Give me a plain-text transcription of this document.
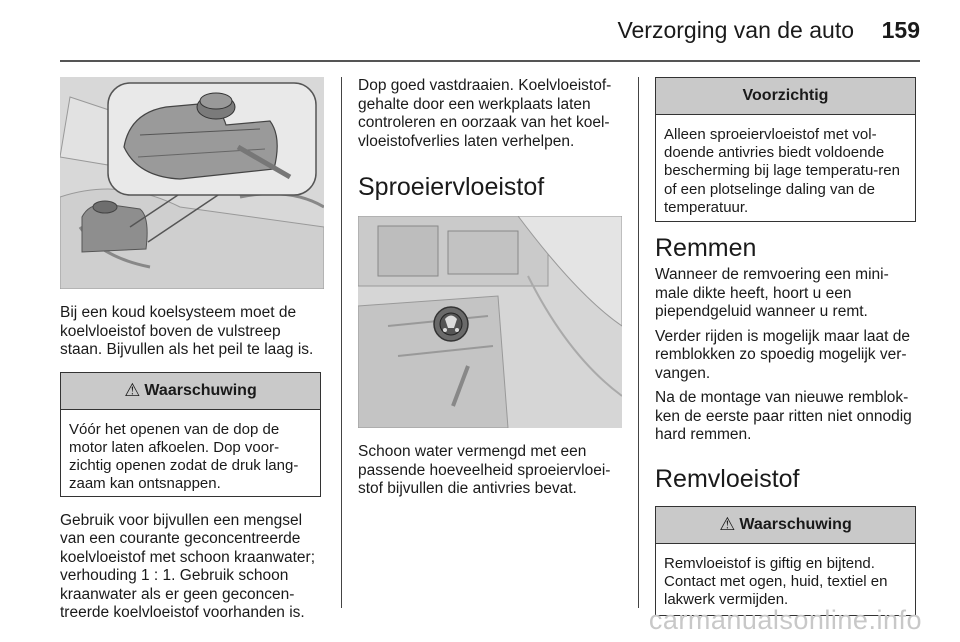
Verzorging van de auto 159

Bij een koud koelsysteem moet de koelvloeistof boven de vulstreep staan. Bijvullen als het peil te laag is.

⚠ Waarschuwing

Vóór het openen van de dop de motor laten afkoelen. Dop voor-zichtig openen zodat de druk lang-zaam kan ontsnappen.

Gebruik voor bijvullen een mengsel van een courante geconcentreerde koelvloeistof met schoon kraanwater; verhouding 1 : 1. Gebruik schoon kraanwater als er geen geconcen-treerde koelvloeistof voorhanden is.

Dop goed vastdraaien. Koelvloeistof-gehalte door een werkplaats laten controleren en oorzaak van het koel-vloeistofverlies laten verhelpen.

Sproeiervloeistof

Schoon water vermengd met een passende hoeveelheid sproeiervloei-stof bijvullen die antivries bevat.

Voorzichtig

Alleen sproeiervloeistof met vol-doende antivries biedt voldoende bescherming bij lage temperatu-ren of een plotselinge daling van de temperatuur.

Remmen

Wanneer de remvoering een mini-male dikte heeft, hoort u een piependgeluid wanneer u remt.

Verder rijden is mogelijk maar laat de remblokken zo spoedig mogelijk ver-vangen.

Na de montage van nieuwe remblok-ken de eerste paar ritten niet onnodig hard remmen.

Remvloeistof
⚠ Waarschuwing

Remvloeistof is giftig en bijtend. Contact met ogen, huid, textiel en lakwerk vermijden.

carmanualsonline.info
